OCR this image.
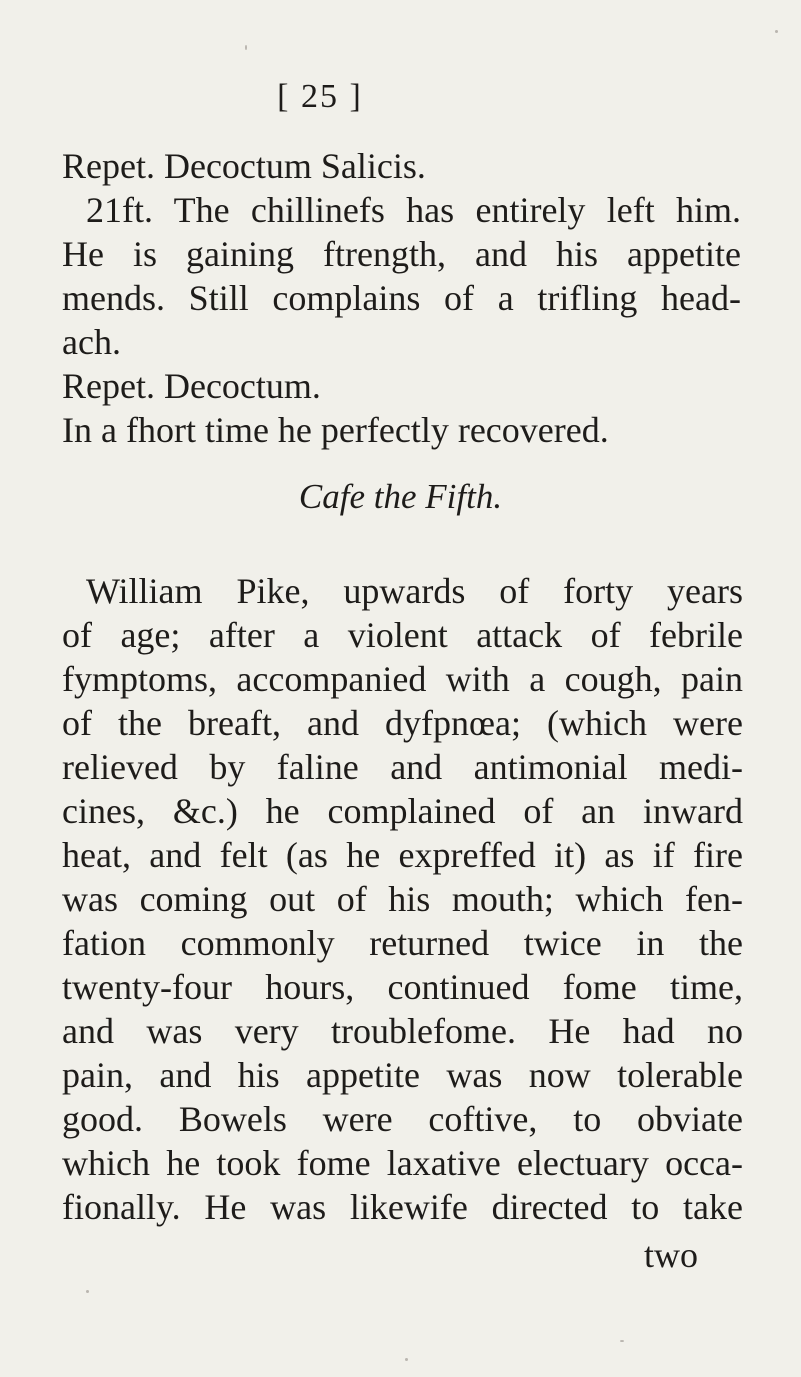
[ 25 ]
Repet. Decoctum Salicis.
21ft. The chillinefs has entirely left him.
He is gaining ftrength, and his appetite
mends. Still complains of a trifling head-
ach.
Repet. Decoctum.
In a fhort time he perfectly recovered.
Cafe the Fifth.
William Pike, upwards of forty years
of age; after a violent attack of febrile
fymptoms, accompanied with a cough, pain
of the breaft, and dyfpnœa; (which were
relieved by faline and antimonial medi-
cines, &c.) he complained of an inward
heat, and felt (as he expreffed it) as if fire
was coming out of his mouth; which fen-
fation commonly returned twice in the
twenty-four hours, continued fome time,
and was very troublefome. He had no
pain, and his appetite was now tolerable
good. Bowels were coftive, to obviate
which he took fome laxative electuary occa-
fionally. He was likewife directed to take
two
